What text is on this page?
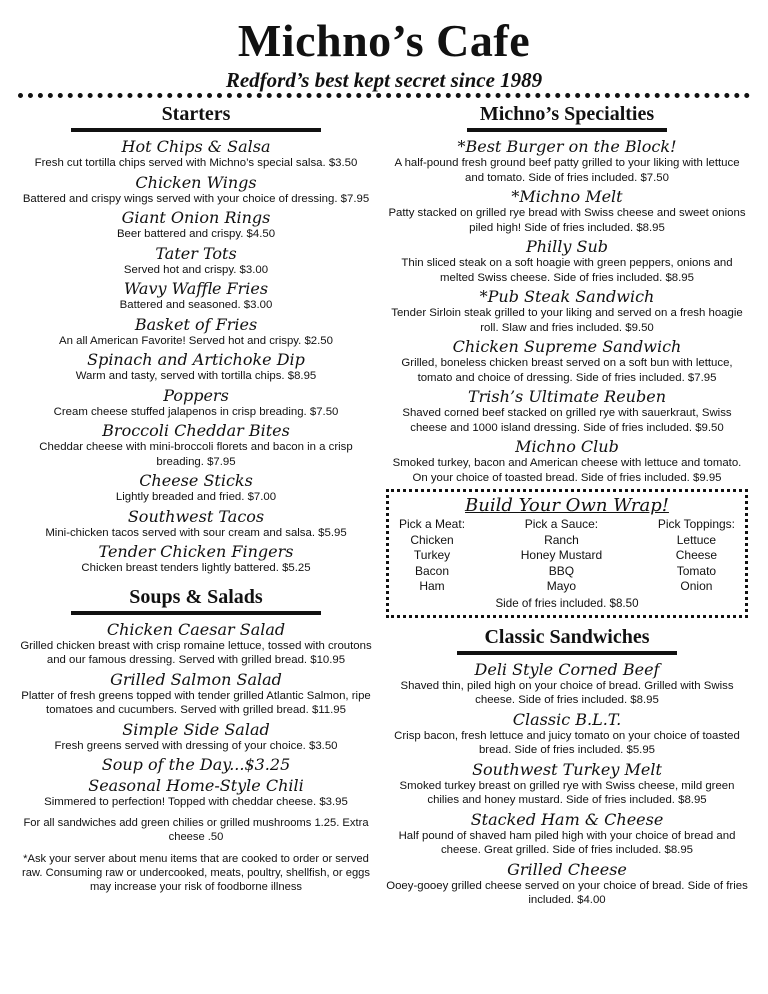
Michno’s Cafe
Redford’s best kept secret since 1989
Starters
Hot Chips & Salsa
Fresh cut tortilla chips served with Michno’s special salsa. $3.50
Chicken Wings
Battered and crispy wings served with your choice of dressing. $7.95
Giant Onion Rings
Beer battered and crispy. $4.50
Tater Tots
Served hot and crispy. $3.00
Wavy Waffle Fries
Battered and seasoned. $3.00
Basket of Fries
An all American Favorite! Served hot and crispy. $2.50
Spinach and Artichoke Dip
Warm and tasty, served with tortilla chips. $8.95
Poppers
Cream cheese stuffed jalapenos in crisp breading. $7.50
Broccoli Cheddar Bites
Cheddar cheese with mini-broccoli florets and bacon in a crisp breading. $7.95
Cheese Sticks
Lightly breaded and fried. $7.00
Southwest Tacos
Mini-chicken tacos served with sour cream and salsa. $5.95
Tender Chicken Fingers
Chicken breast tenders lightly battered. $5.25
Soups & Salads
Chicken Caesar Salad
Grilled chicken breast with crisp romaine lettuce, tossed with croutons and our famous dressing. Served with grilled bread. $10.95
Grilled Salmon Salad
Platter of fresh greens topped with tender grilled Atlantic Salmon, ripe tomatoes and cucumbers. Served with grilled bread. $11.95
Simple Side Salad
Fresh greens served with dressing of your choice. $3.50
Soup of the Day...$3.25
Seasonal Home-Style Chili
Simmered to perfection! Topped with cheddar cheese. $3.95
For all sandwiches add green chilies or grilled mushrooms 1.25. Extra cheese .50
*Ask your server about menu items that are cooked to order or served raw. Consuming raw or undercooked, meats, poultry, shellfish, or eggs may increase your risk of foodborne illness
Michno’s Specialties
*Best Burger on the Block!
A half-pound fresh ground beef patty grilled to your liking with lettuce and tomato. Side of fries included. $7.50
*Michno Melt
Patty stacked on grilled rye bread with Swiss cheese and sweet onions piled high! Side of fries included. $8.95
Philly Sub
Thin sliced steak on a soft hoagie with green peppers, onions and melted Swiss cheese. Side of fries included. $8.95
*Pub Steak Sandwich
Tender Sirloin steak grilled to your liking and served on a fresh hoagie roll. Slaw and fries included. $9.50
Chicken Supreme Sandwich
Grilled, boneless chicken breast served on a soft bun with lettuce, tomato and choice of dressing. Side of fries included. $7.95
Trish’s Ultimate Reuben
Shaved corned beef stacked on grilled rye with sauerkraut, Swiss cheese and 1000 island dressing. Side of fries included. $9.50
Michno Club
Smoked turkey, bacon and American cheese with lettuce and tomato. On your choice of toasted bread. Side of fries included. $9.95
Build Your Own Wrap!
Pick a Meat:
Chicken
Turkey
Bacon
Ham
Pick a Sauce:
Ranch
Honey Mustard
BBQ
Mayo
Pick Toppings:
Lettuce
Cheese
Tomato
Onion
Side of fries included. $8.50
Classic Sandwiches
Deli Style Corned Beef
Shaved thin, piled high on your choice of bread. Grilled with Swiss cheese. Side of fries included. $8.95
Classic B.L.T.
Crisp bacon, fresh lettuce and juicy tomato on your choice of toasted bread. Side of fries included. $5.95
Southwest Turkey Melt
Smoked turkey breast on grilled rye with Swiss cheese, mild green chilies and honey mustard. Side of fries included. $8.95
Stacked Ham & Cheese
Half pound of shaved ham piled high with your choice of bread and cheese. Great grilled. Side of fries included. $8.95
Grilled Cheese
Ooey-gooey grilled cheese served on your choice of bread. Side of fries included. $4.00
